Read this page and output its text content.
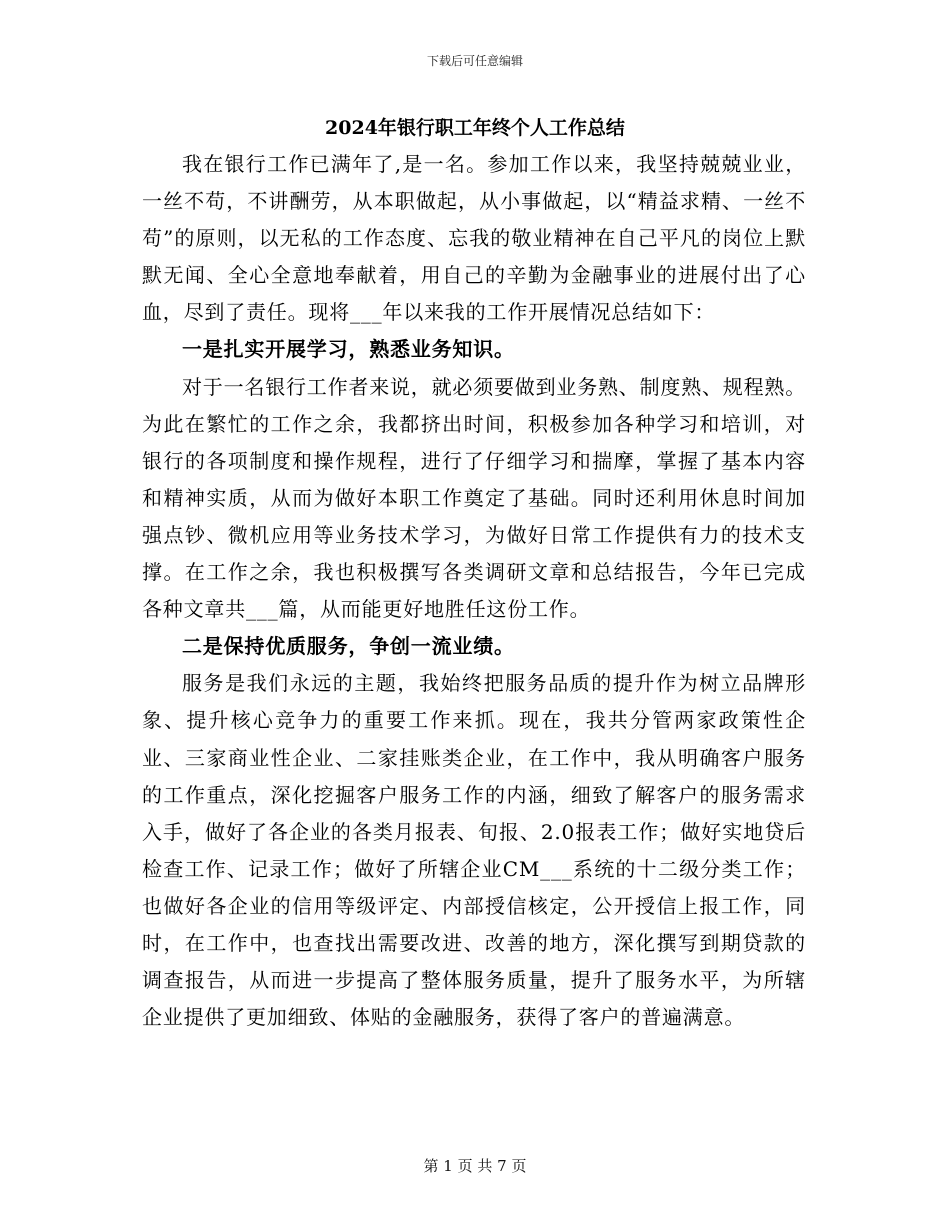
下载后可任意编辑
2024年银行职工年终个人工作总结

我在银行工作已满年了,是一名。参加工作以来，我坚持兢兢业业，一丝不苟，不讲酬劳，从本职做起，从小事做起，以“精益求精、一丝不苟”的原则，以无私的工作态度、忘我的敬业精神在自己平凡的岗位上默默无闻、全心全意地奉献着，用自己的辛勤为金融事业的进展付出了心血，尽到了责任。现将___年以来我的工作开展情况总结如下：

一是扎实开展学习，熟悉业务知识。

对于一名银行工作者来说，就必须要做到业务熟、制度熟、规程熟。为此在繁忙的工作之余，我都挤出时间，积极参加各种学习和培训，对银行的各项制度和操作规程，进行了仔细学习和揣摩，掌握了基本内容和精神实质，从而为做好本职工作奠定了基础。同时还利用休息时间加强点钞、微机应用等业务技术学习，为做好日常工作提供有力的技术支撑。在工作之余，我也积极撰写各类调研文章和总结报告，今年已完成各种文章共___篇，从而能更好地胜任这份工作。

二是保持优质服务，争创一流业绩。

服务是我们永远的主题，我始终把服务品质的提升作为树立品牌形象、提升核心竞争力的重要工作来抓。现在，我共分管两家政策性企业、三家商业性企业、二家挂账类企业，在工作中，我从明确客户服务的工作重点，深化挖掘客户服务工作的内涵，细致了解客户的服务需求入手，做好了各企业的各类月报表、旬报、2.0报表工作；做好实地贷后检查工作、记录工作；做好了所辖企业CM___系统的十二级分类工作；也做好各企业的信用等级评定、内部授信核定，公开授信上报工作，同时，在工作中，也查找出需要改进、改善的地方，深化撰写到期贷款的调查报告，从而进一步提高了整体服务质量，提升了服务水平，为所辖企业提供了更加细致、体贴的金融服务，获得了客户的普遍满意。

第 1 页 共 7 页
